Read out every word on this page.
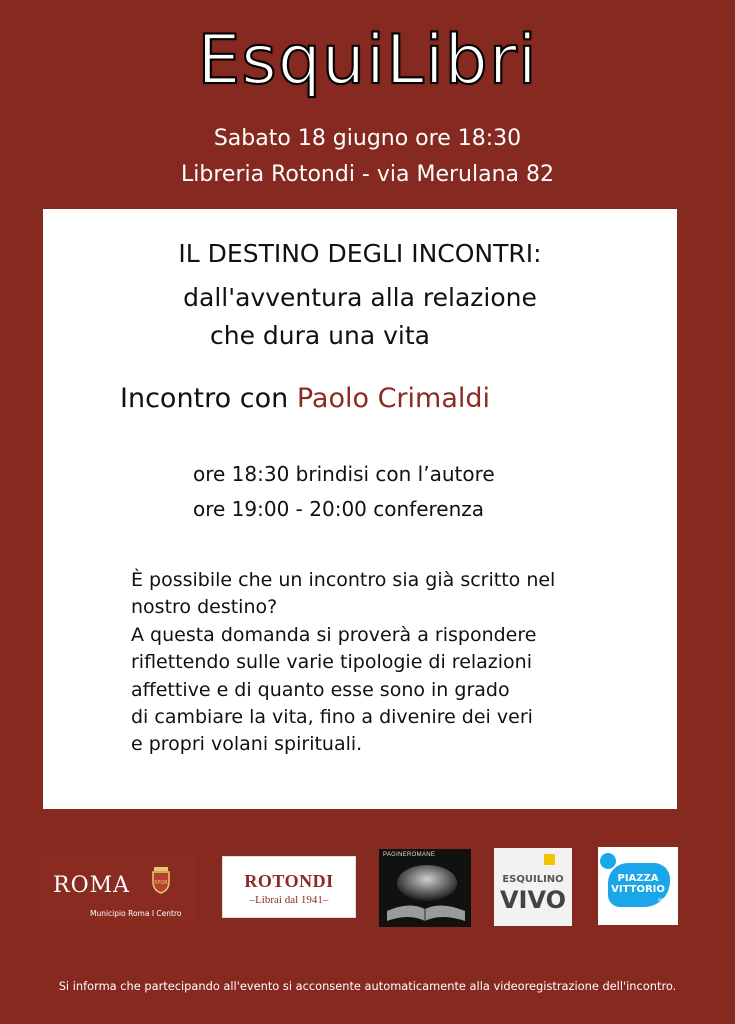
EsquiLibri
Sabato 18 giugno ore 18:30
Libreria Rotondi - via Merulana 82
IL DESTINO DEGLI INCONTRI:
dall'avventura alla relazione
che dura una vita
Incontro con Paolo Crimaldi
ore 18:30 brindisi con l’autore
ore 19:00 - 20:00 conferenza
È possibile che un incontro sia già scritto nel
nostro destino?
A questa domanda si proverà a rispondere
riflettendo sulle varie tipologie di relazioni
affettive e di quanto esse sono in grado
di cambiare la vita, fino a divenire dei veri
e propri volani spirituali.
ROMA	SPQR
Municipio Roma I Centro
ROTONDI
–Librai dal 1941–
PAGINEROMANE
ESQUILINO
VIVO
PIAZZA
VITTORIO
aps
Si informa che partecipando all'evento si acconsente automaticamente alla videoregistrazione dell'incontro.
